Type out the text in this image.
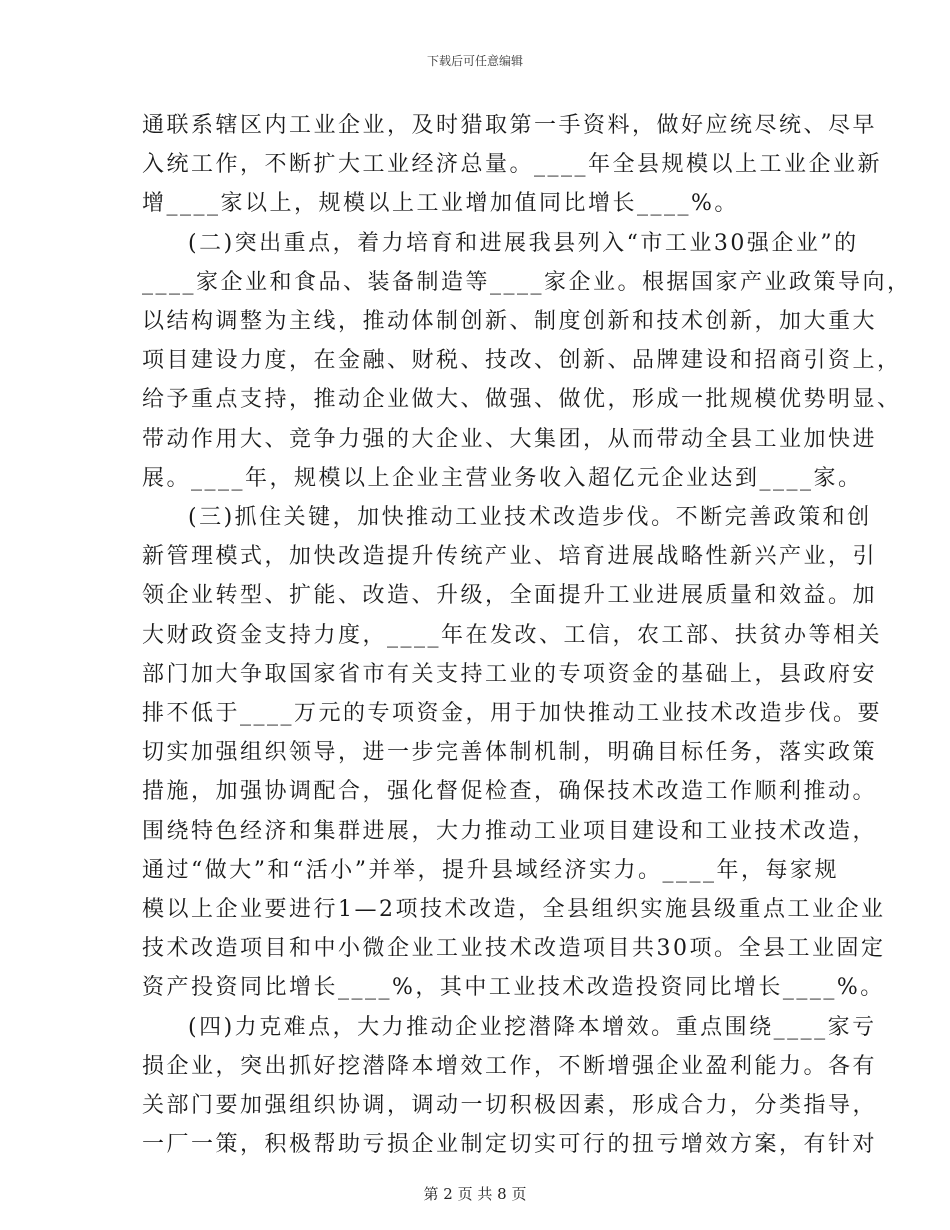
下载后可任意编辑

通联系辖区内工业企业，及时猎取第一手资料，做好应统尽统、尽早

入统工作，不断扩大工业经济总量。____年全县规模以上工业企业新

增____家以上，规模以上工业增加值同比增长____%。

(二)突出重点，着力培育和进展我县列入“市工业30强企业”的

____家企业和食品、装备制造等____家企业。根据国家产业政策导向，

以结构调整为主线，推动体制创新、制度创新和技术创新，加大重大

项目建设力度，在金融、财税、技改、创新、品牌建设和招商引资上，

给予重点支持，推动企业做大、做强、做优，形成一批规模优势明显、

带动作用大、竞争力强的大企业、大集团，从而带动全县工业加快进

展。____年，规模以上企业主营业务收入超亿元企业达到____家。

(三)抓住关键，加快推动工业技术改造步伐。不断完善政策和创

新管理模式，加快改造提升传统产业、培育进展战略性新兴产业，引

领企业转型、扩能、改造、升级，全面提升工业进展质量和效益。加

大财政资金支持力度，____年在发改、工信，农工部、扶贫办等相关

部门加大争取国家省市有关支持工业的专项资金的基础上，县政府安

排不低于____万元的专项资金，用于加快推动工业技术改造步伐。要

切实加强组织领导，进一步完善体制机制，明确目标任务，落实政策

措施，加强协调配合，强化督促检查，确保技术改造工作顺利推动。

围绕特色经济和集群进展，大力推动工业项目建设和工业技术改造，

通过“做大”和“活小”并举，提升县域经济实力。____年，每家规

模以上企业要进行1—2项技术改造，全县组织实施县级重点工业企业

技术改造项目和中小微企业工业技术改造项目共30项。全县工业固定

资产投资同比增长____%，其中工业技术改造投资同比增长____%。

(四)力克难点，大力推动企业挖潜降本增效。重点围绕____家亏

损企业，突出抓好挖潜降本增效工作，不断增强企业盈利能力。各有

关部门要加强组织协调，调动一切积极因素，形成合力，分类指导，

一厂一策，积极帮助亏损企业制定切实可行的扭亏增效方案，有针对

第 2 页 共 8 页
